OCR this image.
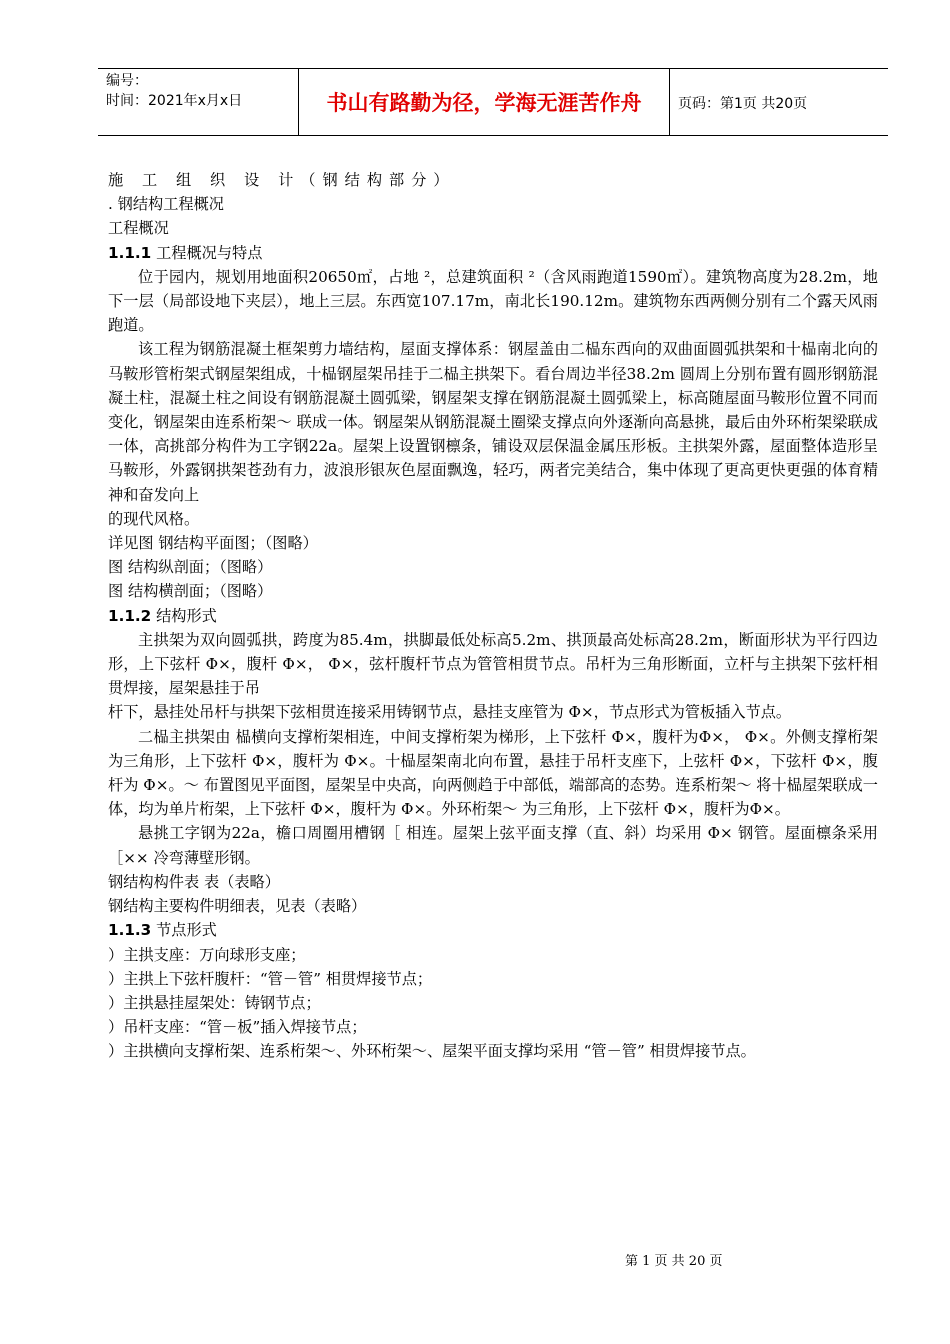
编号：
时间：2021年x月x日	书山有路勤为径，学海无涯苦作舟	页码：第1页 共20页

施 工 组 织 设 计（钢结构部分）

. 钢结构工程概况

工程概况

1.1.1 工程概况与特点

位于园内，规划用地面积20650㎡，占地 ²，总建筑面积 ²（含风雨跑道1590㎡）。建筑物高度为28.2m，地下一层（局部设地下夹层），地上三层。东西宽107.17m，南北长190.12m。建筑物东西两侧分别有二个露天风雨跑道。

该工程为钢筋混凝土框架剪力墙结构，屋面支撑体系：钢屋盖由二榀东西向的双曲面圆弧拱架和十榀南北向的马鞍形管桁架式钢屋架组成，十榀钢屋架吊挂于二榀主拱架下。看台周边半径38.2m 圆周上分别布置有圆形钢筋混凝土柱，混凝土柱之间设有钢筋混凝土圆弧梁，钢屋架支撑在钢筋混凝土圆弧梁上，标高随屋面马鞍形位置不同而变化，钢屋架由连系桁架～ 联成一体。钢屋架从钢筋混凝土圈梁支撑点向外逐渐向高悬挑，最后由外环桁架梁联成一体，高挑部分构件为工字钢22a。屋架上设置钢檩条，铺设双层保温金属压形板。主拱架外露，屋面整体造形呈马鞍形，外露钢拱架苍劲有力，波浪形银灰色屋面飘逸，轻巧，两者完美结合，集中体现了更高更快更强的体育精神和奋发向上

的现代风格。

详见图 钢结构平面图；（图略）

图 结构纵剖面；（图略）

图 结构横剖面；（图略）

1.1.2 结构形式

主拱架为双向圆弧拱，跨度为85.4m，拱脚最低处标高5.2m、拱顶最高处标高28.2m，断面形状为平行四边形，上下弦杆 Φ×，腹杆 Φ×， Φ×，弦杆腹杆节点为管管相贯节点。吊杆为三角形断面，立杆与主拱架下弦杆相贯焊接，屋架悬挂于吊

杆下，悬挂处吊杆与拱架下弦相贯连接采用铸钢节点，悬挂支座管为 Φ×，节点形式为管板插入节点。

二榀主拱架由 榀横向支撑桁架相连，中间支撑桁架为梯形，上下弦杆 Φ×，腹杆为Φ×， Φ×。外侧支撑桁架为三角形，上下弦杆 Φ×，腹杆为 Φ×。十榀屋架南北向布置，悬挂于吊杆支座下，上弦杆 Φ×，下弦杆 Φ×，腹杆为 Φ×。～ 布置图见平面图，屋架呈中央高，向两侧趋于中部低，端部高的态势。连系桁架～ 将十榀屋架联成一体，均为单片桁架，上下弦杆 Φ×，腹杆为 Φ×。外环桁架～ 为三角形，上下弦杆 Φ×，腹杆为Φ×。

悬挑工字钢为22a，檐口周圈用槽钢［ 相连。屋架上弦平面支撑（直、斜）均采用 Φ× 钢管。屋面檩条采用［×× 冷弯薄壁形钢。

钢结构构件表 表（表略）

钢结构主要构件明细表，见表（表略）

1.1.3 节点形式

）主拱支座：万向球形支座；

）主拱上下弦杆腹杆：“管－管” 相贯焊接节点；

）主拱悬挂屋架处：铸钢节点；

）吊杆支座：“管－板”插入焊接节点；

）主拱横向支撑桁架、连系桁架～、外环桁架～、屋架平面支撑均采用 “管－管” 相贯焊接节点。

第 1 页 共 20 页
